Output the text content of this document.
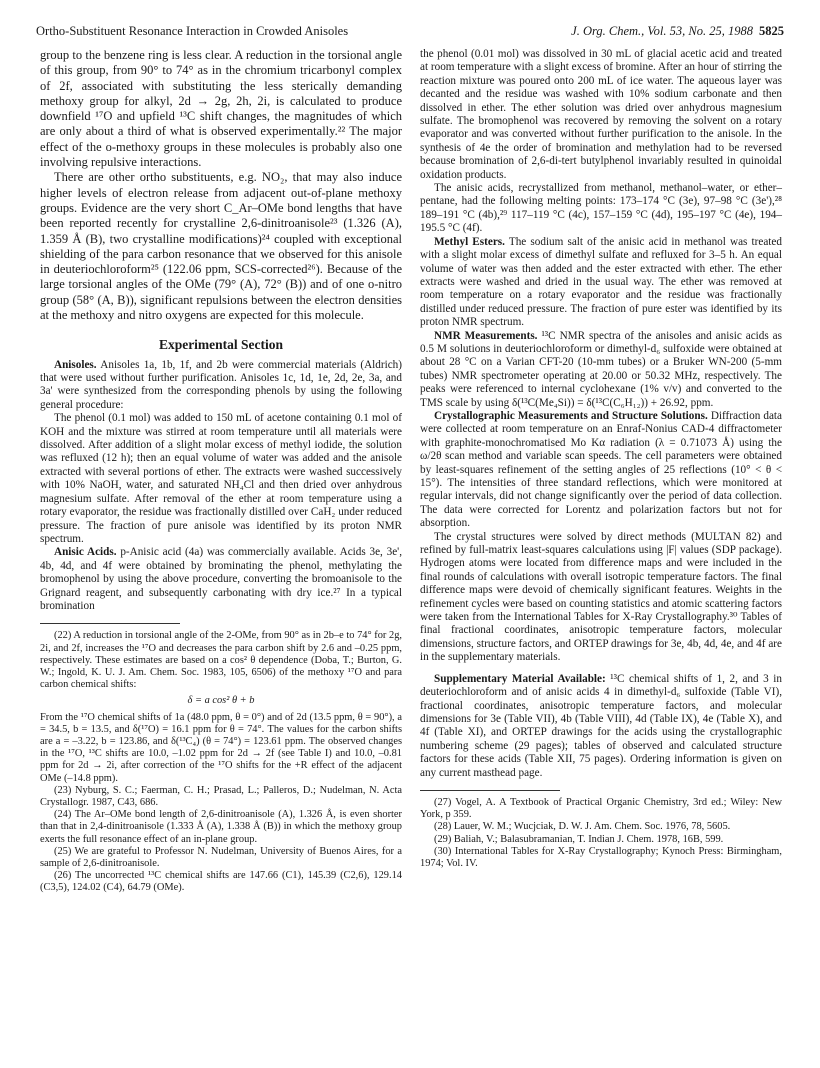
Ortho-Substituent Resonance Interaction in Crowded Anisoles	J. Org. Chem., Vol. 53, No. 25, 1988 5825

group to the benzene ring is less clear. A reduction in the torsional angle of this group, from 90° to 74° as in the chromium tricarbonyl complex of 2f, associated with substituting the less sterically demanding methoxy group for alkyl, 2d → 2g, 2h, 2i, is calculated to produce downfield ¹⁷O and upfield ¹³C shift changes, the magnitudes of which are only about a third of what is observed experimentally.²² The major effect of the o-methoxy groups in these molecules is probably also one involving repulsive interactions.

There are other ortho substituents, e.g. NO₂, that may also induce higher levels of electron release from adjacent out-of-plane methoxy groups. Evidence are the very short C_Ar–OMe bond lengths that have been reported recently for crystalline 2,6-dinitroanisole²³ (1.326 (A), 1.359 Å (B), two crystalline modifications)²⁴ coupled with exceptional shielding of the para carbon resonance that we observed for this anisole in deuteriochloroform²⁵ (122.06 ppm, SCS-corrected²⁶). Because of the large torsional angles of the OMe (79° (A), 72° (B)) and of one o-nitro group (58° (A, B)), significant repulsions between the electron densities at the methoxy and nitro oxygens are expected for this molecule.

Experimental Section

Anisoles. Anisoles 1a, 1b, 1f, and 2b were commercial materials (Aldrich) that were used without further purification. Anisoles 1c, 1d, 1e, 2d, 2e, 3a, and 3a' were synthesized from the corresponding phenols by using the following general procedure:

The phenol (0.1 mol) was added to 150 mL of acetone containing 0.1 mol of KOH and the mixture was stirred at room temperature until all materials were dissolved. After addition of a slight molar excess of methyl iodide, the solution was refluxed (12 h); then an equal volume of water was added and the anisole extracted with several portions of ether. The extracts were washed successively with 10% NaOH, water, and saturated NH₄Cl and then dried over anhydrous magnesium sulfate. After removal of the ether at room temperature using a rotary evaporator, the residue was fractionally distilled over CaH₂ under reduced pressure. The fraction of pure anisole was identified by its proton NMR spectrum.

Anisic Acids. p-Anisic acid (4a) was commercially available. Acids 3e, 3e', 4b, 4d, and 4f were obtained by brominating the phenol, methylating the bromophenol by using the above procedure, converting the bromoanisole to the Grignard reagent, and subsequently carbonating with dry ice.²⁷ In a typical bromination

(22) A reduction in torsional angle of the 2-OMe, from 90° as in 2b–e to 74° for 2g, 2i, and 2f, increases the ¹⁷O and decreases the para carbon shift by 2.6 and –0.25 ppm, respectively. These estimates are based on a cos² θ dependence (Doba, T.; Burton, G. W.; Ingold, K. U. J. Am. Chem. Soc. 1983, 105, 6506) of the methoxy ¹⁷O and para carbon chemical shifts:

δ = a cos² θ + b

From the ¹⁷O chemical shifts of 1a (48.0 ppm, θ = 0°) and of 2d (13.5 ppm, θ = 90°), a = 34.5, b = 13.5, and δ(¹⁷O) = 16.1 ppm for θ = 74°. The values for the carbon shifts are a = –3.22, b = 123.86, and δ(¹³C₄) (θ = 74°) = 123.61 ppm. The observed changes in the ¹⁷O, ¹³C shifts are 10.0, –1.02 ppm for 2d → 2f (see Table I) and 10.0, –0.81 ppm for 2d → 2i, after correction of the ¹⁷O shifts for the +R effect of the adjacent OMe (–14.8 ppm).

(23) Nyburg, S. C.; Faerman, C. H.; Prasad, L.; Palleros, D.; Nudelman, N. Acta Crystallogr. 1987, C43, 686.

(24) The Ar–OMe bond length of 2,6-dinitroanisole (A), 1.326 Å, is even shorter than that in 2,4-dinitroanisole (1.333 Å (A), 1.338 Å (B)) in which the methoxy group exerts the full resonance effect of an in-plane group.

(25) We are grateful to Professor N. Nudelman, University of Buenos Aires, for a sample of 2,6-dinitroanisole.

(26) The uncorrected ¹³C chemical shifts are 147.66 (C1), 145.39 (C2,6), 129.14 (C3,5), 124.02 (C4), 64.79 (OMe).

the phenol (0.01 mol) was dissolved in 30 mL of glacial acetic acid and treated at room temperature with a slight excess of bromine. After an hour of stirring the reaction mixture was poured onto 200 mL of ice water. The aqueous layer was decanted and the residue was washed with 10% sodium carbonate and then dissolved in ether. The ether solution was dried over anhydrous magnesium sulfate. The bromophenol was recovered by removing the solvent on a rotary evaporator and was converted without further purification to the anisole. In the synthesis of 4e the order of bromination and methylation had to be reversed because bromination of 2,6-di-tert butylphenol invariably resulted in quinoidal oxidation products.

The anisic acids, recrystallized from methanol, methanol–water, or ether–pentane, had the following melting points: 173–174 °C (3e), 97–98 °C (3e'),²⁸ 189–191 °C (4b),²⁹ 117–119 °C (4c), 157–159 °C (4d), 195–197 °C (4e), 194–195.5 °C (4f).

Methyl Esters. The sodium salt of the anisic acid in methanol was treated with a slight molar excess of dimethyl sulfate and refluxed for 3–5 h. An equal volume of water was then added and the ester extracted with ether. The ether extracts were washed and dried in the usual way. The ether was removed at room temperature on a rotary evaporator and the residue was fractionally distilled under reduced pressure. The fraction of pure ester was identified by its proton NMR spectrum.

NMR Measurements. ¹³C NMR spectra of the anisoles and anisic acids as 0.5 M solutions in deuteriochloroform or dimethyl-d₆ sulfoxide were obtained at about 28 °C on a Varian CFT-20 (10-mm tubes) or a Bruker WN-200 (5-mm tubes) NMR spectrometer operating at 20.00 or 50.32 MHz, respectively. The peaks were referenced to internal cyclohexane (1% v/v) and converted to the TMS scale by using δ(¹³C(Me₄Si)) = δ(¹³C(C₆H₁₂)) + 26.92, ppm.

Crystallographic Measurements and Structure Solutions. Diffraction data were collected at room temperature on an Enraf-Nonius CAD-4 diffractometer with graphite-monochromatised Mo Kα radiation (λ = 0.71073 Å) using the ω/2θ scan method and variable scan speeds. The cell parameters were obtained by least-squares refinement of the setting angles of 25 reflections (10° < θ < 15°). The intensities of three standard reflections, which were monitored at regular intervals, did not change significantly over the period of data collection. The data were corrected for Lorentz and polarization factors but not for absorption.

The crystal structures were solved by direct methods (MULTAN 82) and refined by full-matrix least-squares calculations using |F| values (SDP package). Hydrogen atoms were located from difference maps and were included in the final rounds of calculations with overall isotropic temperature factors. The final difference maps were devoid of chemically significant features. Weights in the refinement cycles were based on counting statistics and atomic scattering factors were taken from the International Tables for X-Ray Crystallography.³⁰ Tables of final fractional coordinates, anisotropic temperature factors, molecular dimensions, structure factors, and ORTEP drawings for 3e, 4b, 4d, 4e, and 4f are in the supplementary materials.

Supplementary Material Available: ¹³C chemical shifts of 1, 2, and 3 in deuteriochloroform and of anisic acids 4 in dimethyl-d₆ sulfoxide (Table VI), fractional coordinates, anisotropic temperature factors, and molecular dimensions for 3e (Table VII), 4b (Table VIII), 4d (Table IX), 4e (Table X), and 4f (Table XI), and ORTEP drawings for the acids using the crystallographic numbering scheme (29 pages); tables of observed and calculated structure factors for these acids (Table XII, 75 pages). Ordering information is given on any current masthead page.

(27) Vogel, A. A Textbook of Practical Organic Chemistry, 3rd ed.; Wiley: New York, p 359.

(28) Lauer, W. M.; Wucjciak, D. W. J. Am. Chem. Soc. 1976, 78, 5605.

(29) Baliah, V.; Balasubramanian, T. Indian J. Chem. 1978, 16B, 599.

(30) International Tables for X-Ray Crystallography; Kynoch Press: Birmingham, 1974; Vol. IV.
